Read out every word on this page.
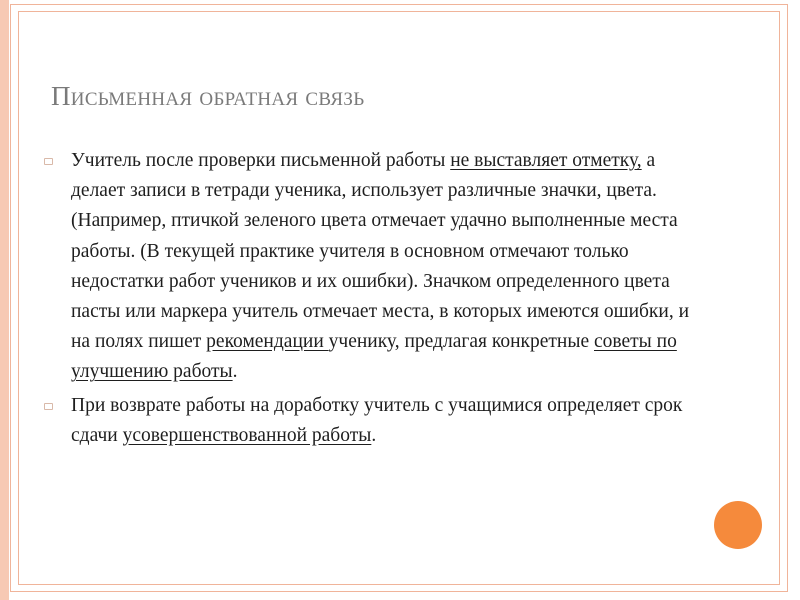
Письменная обратная связь
Учитель после проверки письменной работы не выставляет отметку, а делает записи в тетради ученика, использует различные значки, цвета. (Например, птичкой зеленого цвета отмечает удачно выполненные места работы. (В текущей практике учителя в основном отмечают только недостатки работ учеников и их ошибки). Значком определенного цвета пасты или маркера учитель отмечает места, в которых имеются ошибки, и на полях пишет рекомендации ученику, предлагая конкретные советы по улучшению работы.
При возврате работы на доработку учитель с учащимися определяет срок сдачи усовершенствованной работы.
